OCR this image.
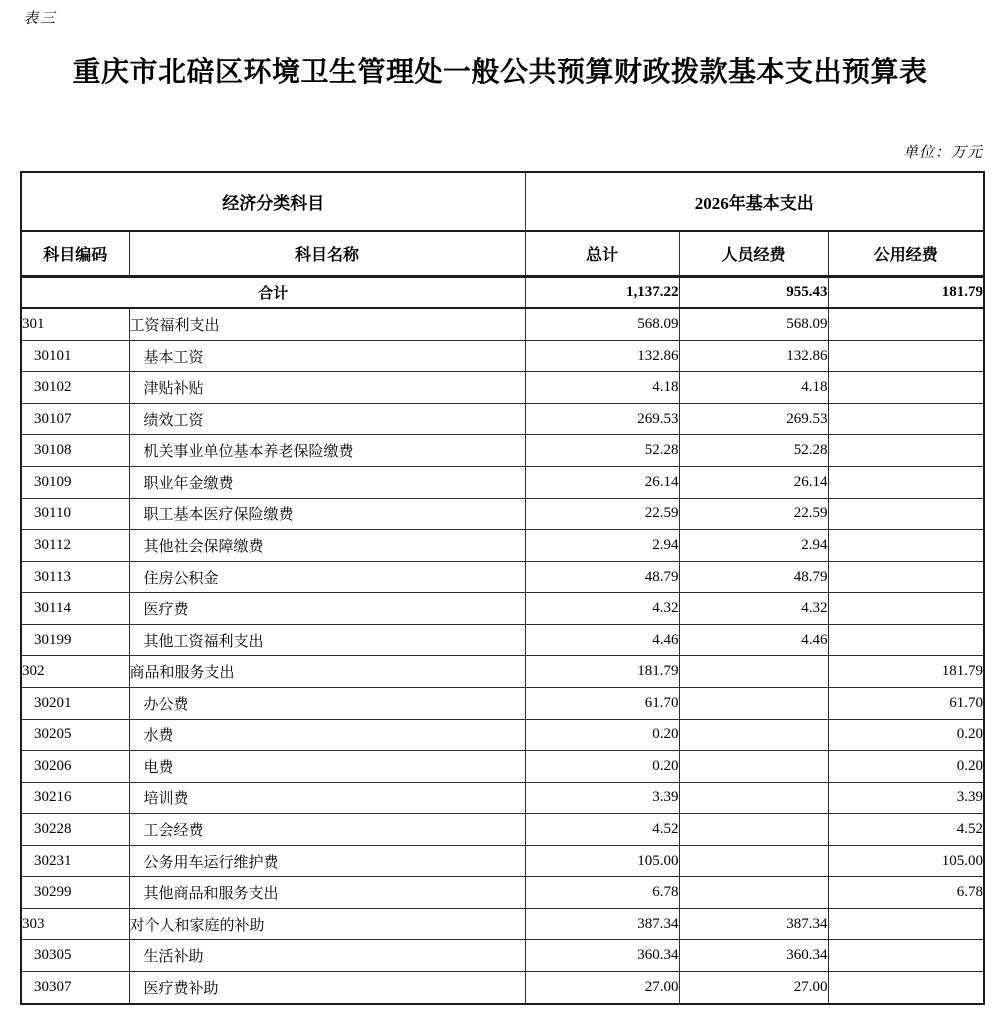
表三
重庆市北碚区环境卫生管理处一般公共预算财政拨款基本支出预算表
单位：万元
经济分类科目		2026年基本支出		
科目编码	科目名称	总计	人员经费	公用经费
合计		1,137.22	955.43	181.79
301	工资福利支出	568.09	568.09	
30101	基本工资	132.86	132.86	
30102	津贴补贴	4.18	4.18	
30107	绩效工资	269.53	269.53	
30108	机关事业单位基本养老保险缴费	52.28	52.28	
30109	职业年金缴费	26.14	26.14	
30110	职工基本医疗保险缴费	22.59	22.59	
30112	其他社会保障缴费	2.94	2.94	
30113	住房公积金	48.79	48.79	
30114	医疗费	4.32	4.32	
30199	其他工资福利支出	4.46	4.46	
302	商品和服务支出	181.79		181.79
30201	办公费	61.70		61.70
30205	水费	0.20		0.20
30206	电费	0.20		0.20
30216	培训费	3.39		3.39
30228	工会经费	4.52		4.52
30231	公务用车运行维护费	105.00		105.00
30299	其他商品和服务支出	6.78		6.78
303	对个人和家庭的补助	387.34	387.34	
30305	生活补助	360.34	360.34	
30307	医疗费补助	27.00	27.00	
